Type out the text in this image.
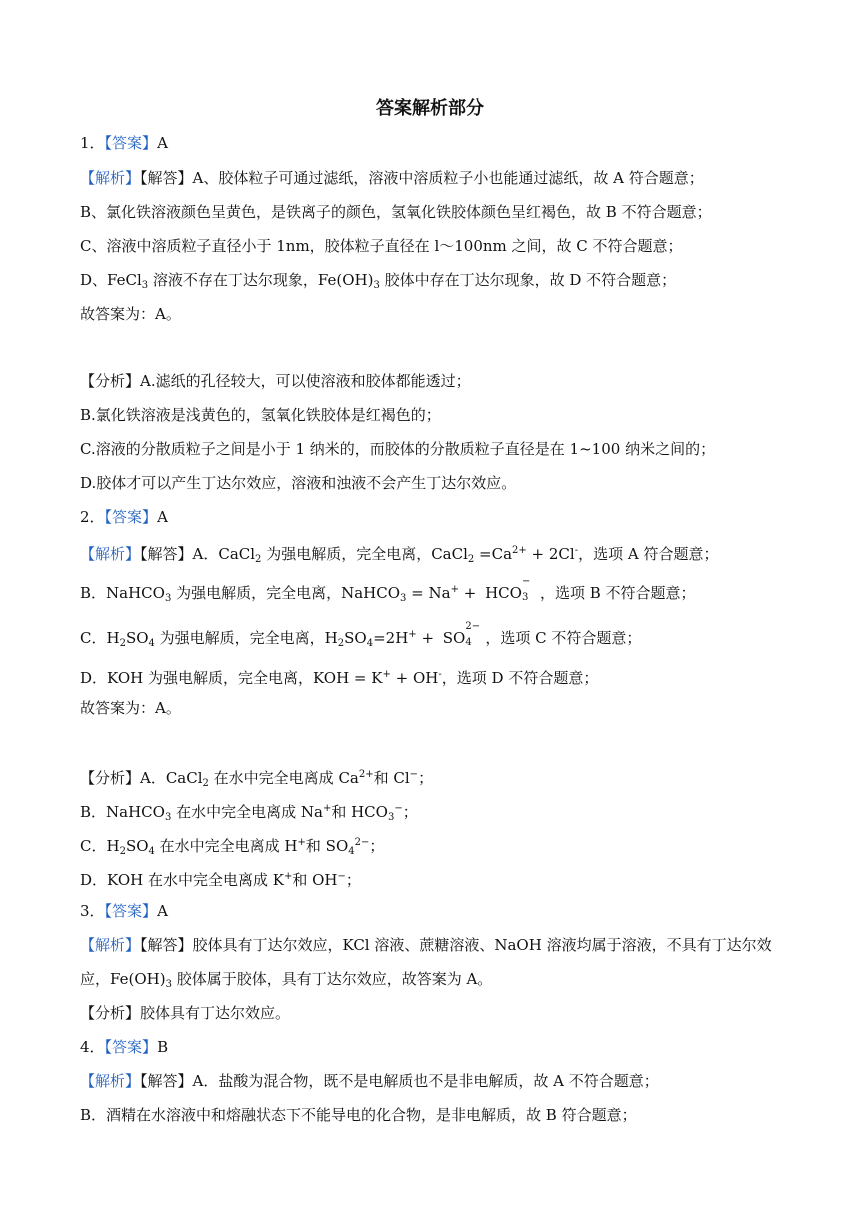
答案解析部分
1．【答案】A
【解析】【解答】A、胶体粒子可通过滤纸，溶液中溶质粒子小也能通过滤纸，故 A 符合题意；
B、氯化铁溶液颜色呈黄色，是铁离子的颜色，氢氧化铁胶体颜色呈红褐色，故 B 不符合题意；
C、溶液中溶质粒子直径小于 1nm，胶体粒子直径在 l～100nm 之间，故 C 不符合题意；
D、FeCl$_3$ 溶液不存在丁达尔现象，$Fe(OH)_3$ 胶体中存在丁达尔现象，故 D 不符合题意；
故答案为：A。
【分析】A.滤纸的孔径较大，可以使溶液和胶体都能透过；
B.氯化铁溶液是浅黄色的，氢氧化铁胶体是红褐色的；
C.溶液的分散质粒子之间是小于 1 纳米的，而胶体的分散质粒子直径是在 1~100 纳米之间的；
D.胶体才可以产生丁达尔效应，溶液和浊液不会产生丁达尔效应。
2．【答案】A
【解析】【解答】A．CaCl$_2$ 为强电解质，完全电离，CaCl$_2$ $=Ca^{2+} + 2Cl^-$，选项 A 符合题意；
B．NaHCO$_3$ 为强电解质，完全电离，NaHCO$_3$ = Na+ + HCO
−
3 ，选项 B 不符合题意；
C．$H_2SO_4$ 为强电解质，完全电离，$H_2SO_4=2H^+$ + SO
2−
4 ，选项 C 不符合题意；
D．KOH 为强电解质，完全电离，KOH = K+ + OH-，选项 D 不符合题意；
故答案为：A。
【分析】A．CaCl$_2$ 在水中完全电离成 $Ca^{2+}$和 Cl−；
B．NaHCO$_3$ 在水中完全电离成 Na+和 $HCO_3^-$；
C．$H_2SO_4$ 在水中完全电离成 H+和 $SO_4^{2-}$；
D．KOH 在水中完全电离成 K+和 OH−；
3．【答案】A
【解析】【解答】胶体具有丁达尔效应，KCl 溶液、蔗糖溶液、NaOH 溶液均属于溶液，不具有丁达尔效
应，$Fe(OH)_3$ 胶体属于胶体，具有丁达尔效应，故答案为 A。
【分析】胶体具有丁达尔效应。
4．【答案】B
【解析】【解答】A．盐酸为混合物，既不是电解质也不是非电解质，故 A 不符合题意；
B．酒精在水溶液中和熔融状态下不能导电的化合物，是非电解质，故 B 符合题意；
